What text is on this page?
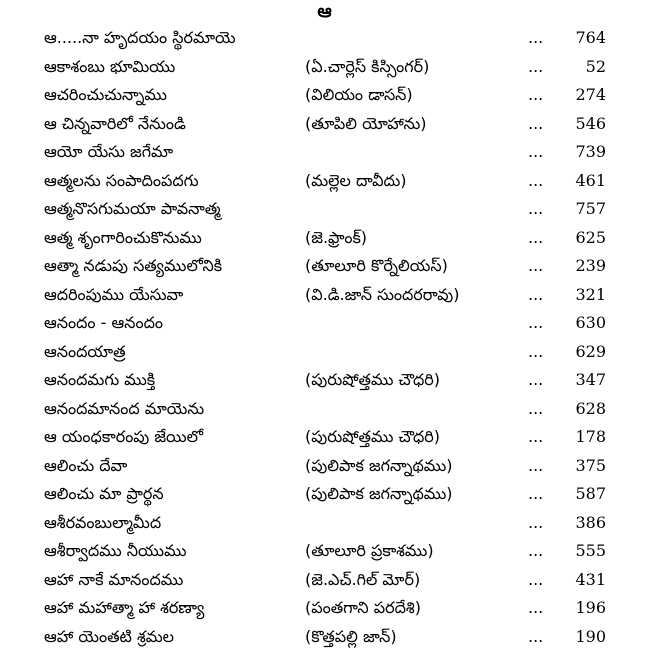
ఆ
ఆ.....నా హృదయం స్థిరమాయె	... 764
ఆకాశంబు భూమియు	(ఏ.చార్లెస్ కిస్సింగర్)	...	52
ఆచరించుచున్నాము	(విలియం డాసన్)	... 274
ఆ చిన్నవారిలో నేనుండి	(తూపిలి యోహాను)	... 546
ఆయో యేసు జగేమా	... 739
ఆత్మలను సంపాదింపదగు	(మల్లెల దావీదు)	... 461
ఆత్మనొసగుమయా పావనాత్మ	... 757
ఆత్మ శృంగారించుకొనుము	(జె.ఫ్రాంక్)	... 625
ఆత్మా నడుపు సత్యములోనికి	(తూలూరి కొర్నేలియస్)	... 239
ఆదరింపుము యేసువా	(వి.డి.జాన్ సుందరరావు)	... 321
ఆనందం - ఆనందం	... 630
ఆనందయాత్ర	... 629
ఆనందమగు ముక్తి	(పురుషోత్తము చౌధరి)	... 347
ఆనందమానంద మాయెను	... 628
ఆ యంధకారంపు జేయిలో	(పురుషోత్తము చౌధరి)	... 178
ఆలించు దేవా	(పులిపాక జగన్నాథము)	... 375
ఆలించు మా ప్రార్థన	(పులిపాక జగన్నాథము)	... 587
ఆశీరవంబుల్మామీద	... 386
ఆశీర్వాదము నీయుము	(తూలూరి ప్రకాశము)	... 555
ఆహా నాకే మానందము	(జె.ఎచ్.గిల్ మోర్)	... 431
ఆహా మహాత్మా హా శరణ్యా	(పంతగాని పరదేశి)	... 196
ఆహా యెంతటి శ్రమల	(కొత్తపల్లి జాన్)	... 190
